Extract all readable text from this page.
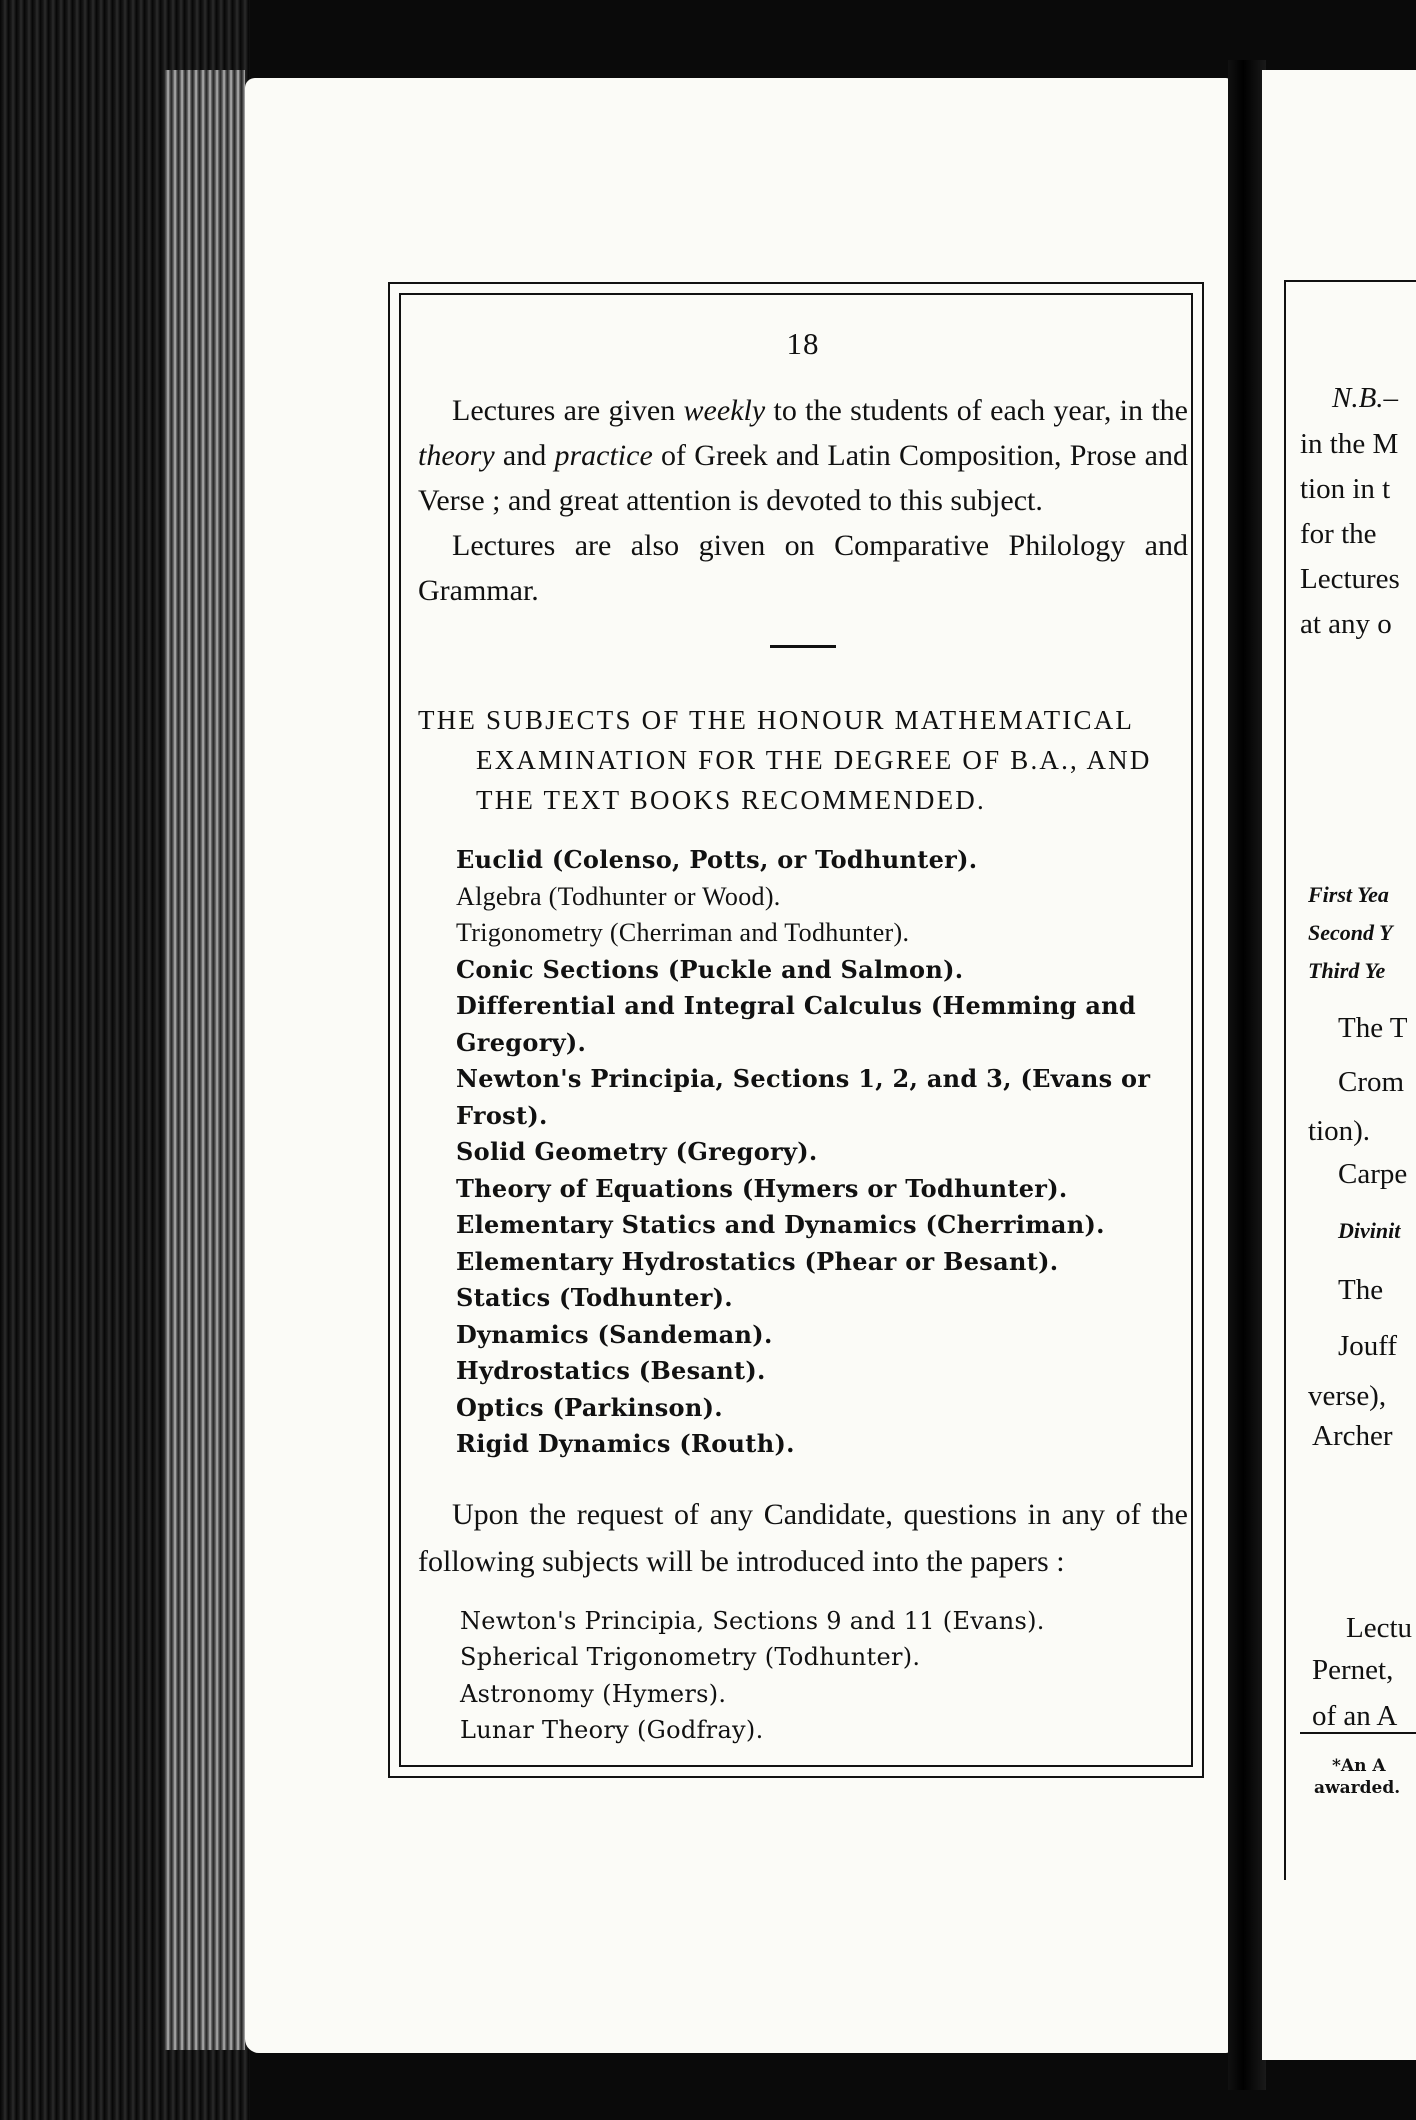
N.B.–
in the M
tion in t
for the
Lectures
at any o
First Yea
Second Y
Third Ye
The T
Crom
tion).
Carpe
Divinit
The
Jouff
verse),
Archer
Lectu
Pernet,
of an A
*An A
awarded.
18

Lectures are given weekly to the students of each year, in the theory and practice of Greek and Latin Composition, Prose and Verse ; and great attention is devoted to this subject.

Lectures are also given on Comparative Philology and Grammar.

THE SUBJECTS OF THE HONOUR MATHEMATICAL EXAMINATION FOR THE DEGREE OF B.A., AND THE TEXT BOOKS RECOMMENDED.

Euclid (Colenso, Potts, or Todhunter).
Algebra (Todhunter or Wood).
Trigonometry (Cherriman and Todhunter).
Conic Sections (Puckle and Salmon).
Differential and Integral Calculus (Hemming and Gregory).
Newton's Principia, Sections 1, 2, and 3, (Evans or Frost).
Solid Geometry (Gregory).
Theory of Equations (Hymers or Todhunter).
Elementary Statics and Dynamics (Cherriman).
Elementary Hydrostatics (Phear or Besant).
Statics (Todhunter).
Dynamics (Sandeman).
Hydrostatics (Besant).
Optics (Parkinson).
Rigid Dynamics (Routh).

Upon the request of any Candidate, questions in any of the following subjects will be introduced into the papers :

Newton's Principia, Sections 9 and 11 (Evans).
Spherical Trigonometry (Todhunter).
Astronomy (Hymers).
Lunar Theory (Godfray).
